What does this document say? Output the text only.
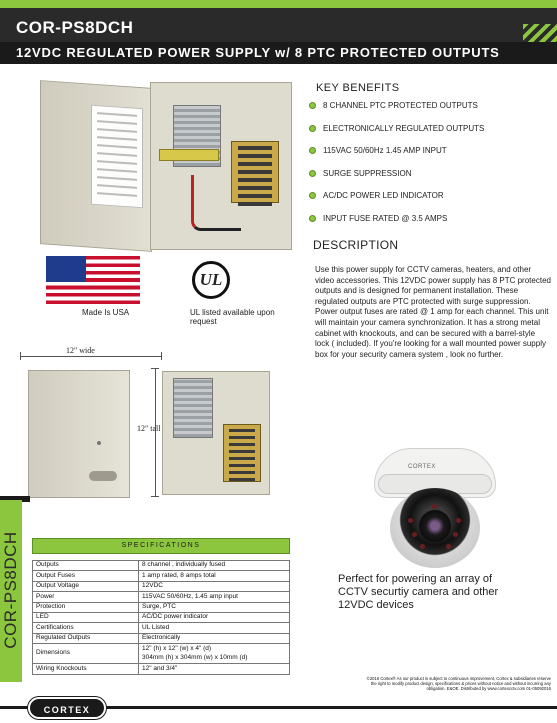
COR-PS8DCH
12VDC REGULATED POWER SUPPLY w/ 8 PTC PROTECTED OUTPUTS
Made Is USA
UL
UL listed available upon request
12" wide
12" tall
KEY BENEFITS
8 CHANNEL PTC PROTECTED OUTPUTS
ELECTRONICALLY REGULATED OUTPUTS
115VAC 50/60Hz 1.45 AMP INPUT
SURGE SUPPRESSION
AC/DC POWER LED INDICATOR
INPUT FUSE RATED @ 3.5 AMPS
DESCRIPTION
Use this power supply for CCTV cameras, heaters, and other video accessories. This 12VDC power supply has 8 PTC protected outputs and is designed for permanent installation. These regulated outputs are PTC protected with surge suppression. Power output fuses are rated @ 1 amp for each channel. This unit will maintain your camera synchronization. It has a strong metal cabinet with knockouts, and can be secured with a barrel-style lock ( included). If you're looking for a wall mounted power supply box for your security camera system , look no further.
CORTEX
Perfect for powering an array of CCTV securtiy camera and other 12VDC devices
COR-PS8DCH	SPECIFICATIONS
Outputs	8 channel , individually fused
Output Fuses	1 amp rated, 8 amps total
Output Voltage	12VDC
Power	115VAC 50/60Hz, 1.45 amp input
Protection	Surge, PTC
LED	AC/DC power indicator
Certifications	UL Listed
Regulated Outputs	Electronically
Dimensions	12" (h) x 12" (w) x 4" (d)
304mm (h) x 304mm (w) x 10mm (d)

Wiring Knockouts	12" and 3/4"
CORTEX
©2016 Cortex® As our product is subject to continuous improvement, Cortex & subsidiaries reserve the right to modify product design, specifications & prices without notice and without incurring any obligation. E&OE. Distributed by www.cortexcctv.com 01-05092016
